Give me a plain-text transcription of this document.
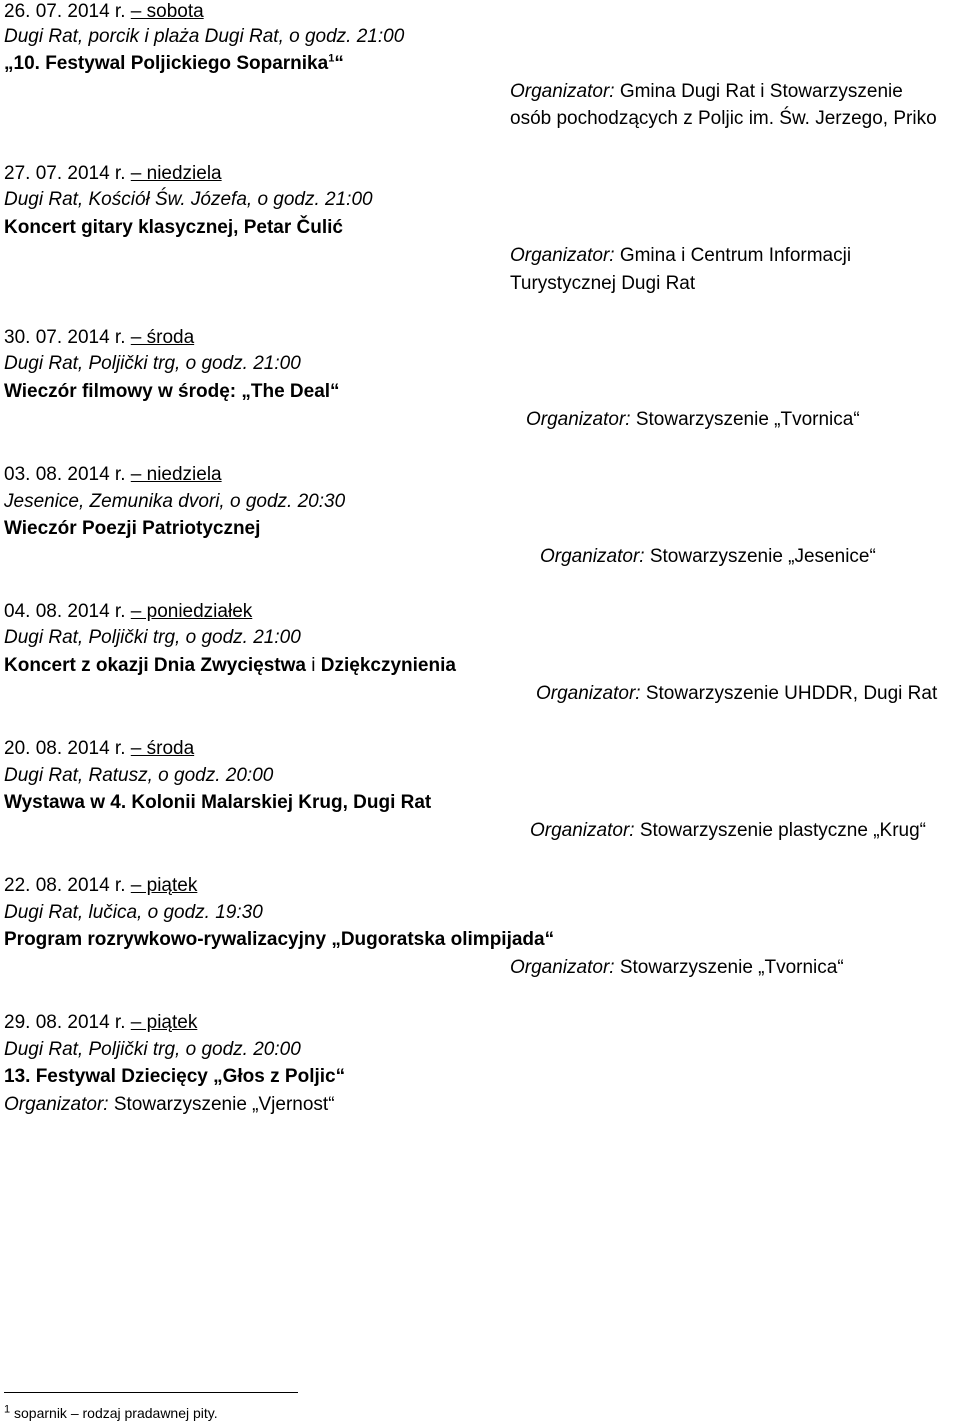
26. 07. 2014 r. – sobota
Dugi Rat, porcik i plaża Dugi Rat, o godz. 21:00
„10. Festywal Poljickiego Soparnika$^1$“
Organizator: Gmina Dugi Rat i Stowarzyszenie
osób pochodzących z Poljic im. Św. Jerzego, Priko
27. 07. 2014 r. – niedziela
Dugi Rat, Kościół Św. Józefa, o godz. 21:00
Koncert gitary klasycznej, Petar Čulić
Organizator: Gmina i Centrum Informacji
Turystycznej Dugi Rat
30. 07. 2014 r. – środa
Dugi Rat, Poljički trg, o godz. 21:00
Wieczór filmowy w środę: „The Deal“
Organizator: Stowarzyszenie „Tvornica“
03. 08. 2014 r. – niedziela
Jesenice, Zemunika dvori, o godz. 20:30
Wieczór Poezji Patriotycznej
Organizator: Stowarzyszenie „Jesenice“
04. 08. 2014 r. – poniedziałek
Dugi Rat, Poljički trg, o godz. 21:00
Koncert z okazji Dnia Zwycięstwa i Dziękczynienia
Organizator: Stowarzyszenie UHDDR, Dugi Rat
20. 08. 2014 r. – środa
Dugi Rat, Ratusz, o godz. 20:00
Wystawa w 4. Kolonii Malarskiej Krug, Dugi Rat
Organizator: Stowarzyszenie plastyczne „Krug“
22. 08. 2014 r. – piątek
Dugi Rat, lučica, o godz. 19:30
Program rozrywkowo-rywalizacyjny „Dugoratska olimpijada“
Organizator: Stowarzyszenie „Tvornica“
29. 08. 2014 r. – piątek
Dugi Rat, Poljički trg, o godz. 20:00
13. Festywal Dziecięcy „Głos z Poljic“
Organizator: Stowarzyszenie „Vjernost“
$^1$ soparnik – rodzaj pradawnej pity.
